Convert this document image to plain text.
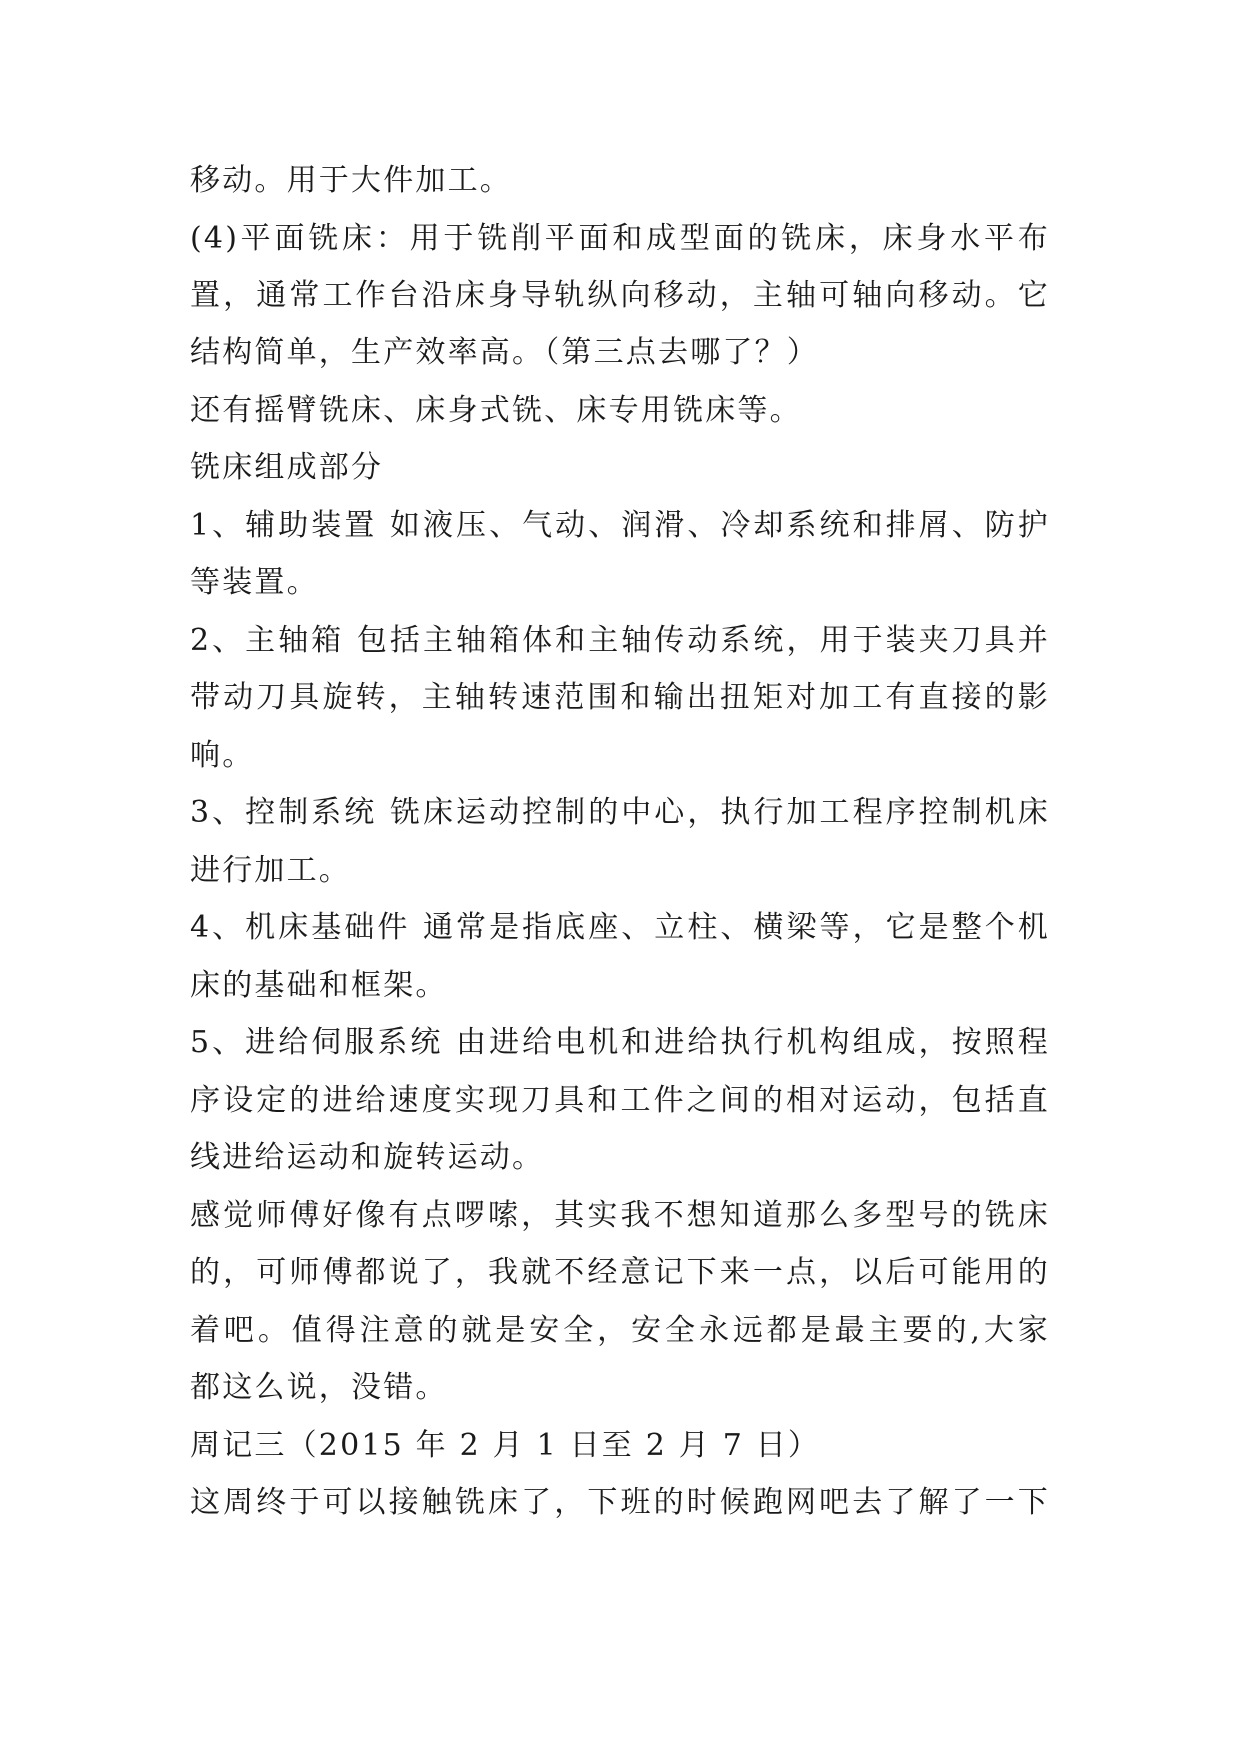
移动。用于大件加工。
(4)平面铣床：用于铣削平面和成型面的铣床，床身水平布
置，通常工作台沿床身导轨纵向移动，主轴可轴向移动。它
结构简单，生产效率高。（第三点去哪了？）
还有摇臂铣床、床身式铣、床专用铣床等。
铣床组成部分
1、辅助装置 如液压、气动、润滑、冷却系统和排屑、防护
等装置。
2、主轴箱 包括主轴箱体和主轴传动系统，用于装夹刀具并
带动刀具旋转，主轴转速范围和输出扭矩对加工有直接的影
响。
3、控制系统 铣床运动控制的中心，执行加工程序控制机床
进行加工。
4、机床基础件 通常是指底座、立柱、横梁等，它是整个机
床的基础和框架。
5、进给伺服系统 由进给电机和进给执行机构组成，按照程
序设定的进给速度实现刀具和工件之间的相对运动，包括直
线进给运动和旋转运动。
感觉师傅好像有点啰嗦，其实我不想知道那么多型号的铣床
的，可师傅都说了，我就不经意记下来一点，以后可能用的
着吧。值得注意的就是安全，安全永远都是最主要的,大家
都这么说，没错。
周记三（2015 年 2 月 1 日至 2 月 7 日）
这周终于可以接触铣床了，下班的时候跑网吧去了解了一下
